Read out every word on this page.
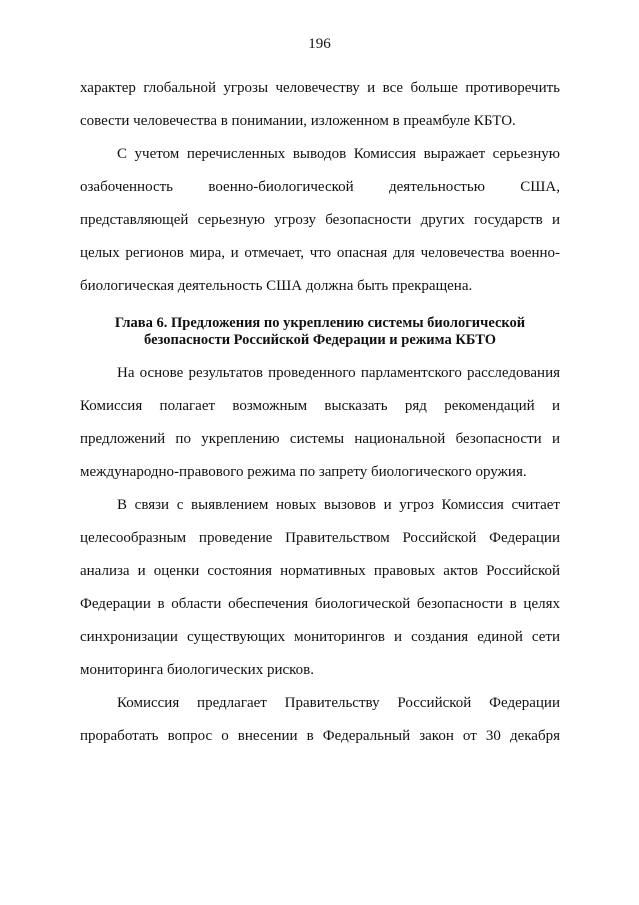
196
характер глобальной угрозы человечеству и все больше противоречить
совести человечества в понимании, изложенном в преамбуле КБТО.
С учетом перечисленных выводов Комиссия выражает серьезную
озабоченность военно-биологической деятельностью США,
представляющей серьезную угрозу безопасности других государств и
целых регионов мира, и отмечает, что опасная для человечества военно-
биологическая деятельность США должна быть прекращена.
Глава 6. Предложения по укреплению системы биологической
безопасности Российской Федерации и режима КБТО
На основе результатов проведенного парламентского расследования
Комиссия полагает возможным высказать ряд рекомендаций и
предложений по укреплению системы национальной безопасности и
международно-правового режима по запрету биологического оружия.
В связи с выявлением новых вызовов и угроз Комиссия считает
целесообразным проведение Правительством Российской Федерации
анализа и оценки состояния нормативных правовых актов Российской
Федерации в области обеспечения биологической безопасности в целях
синхронизации существующих мониторингов и создания единой сети
мониторинга биологических рисков.
Комиссия предлагает Правительству Российской Федерации
проработать вопрос о внесении в Федеральный закон от 30 декабря
